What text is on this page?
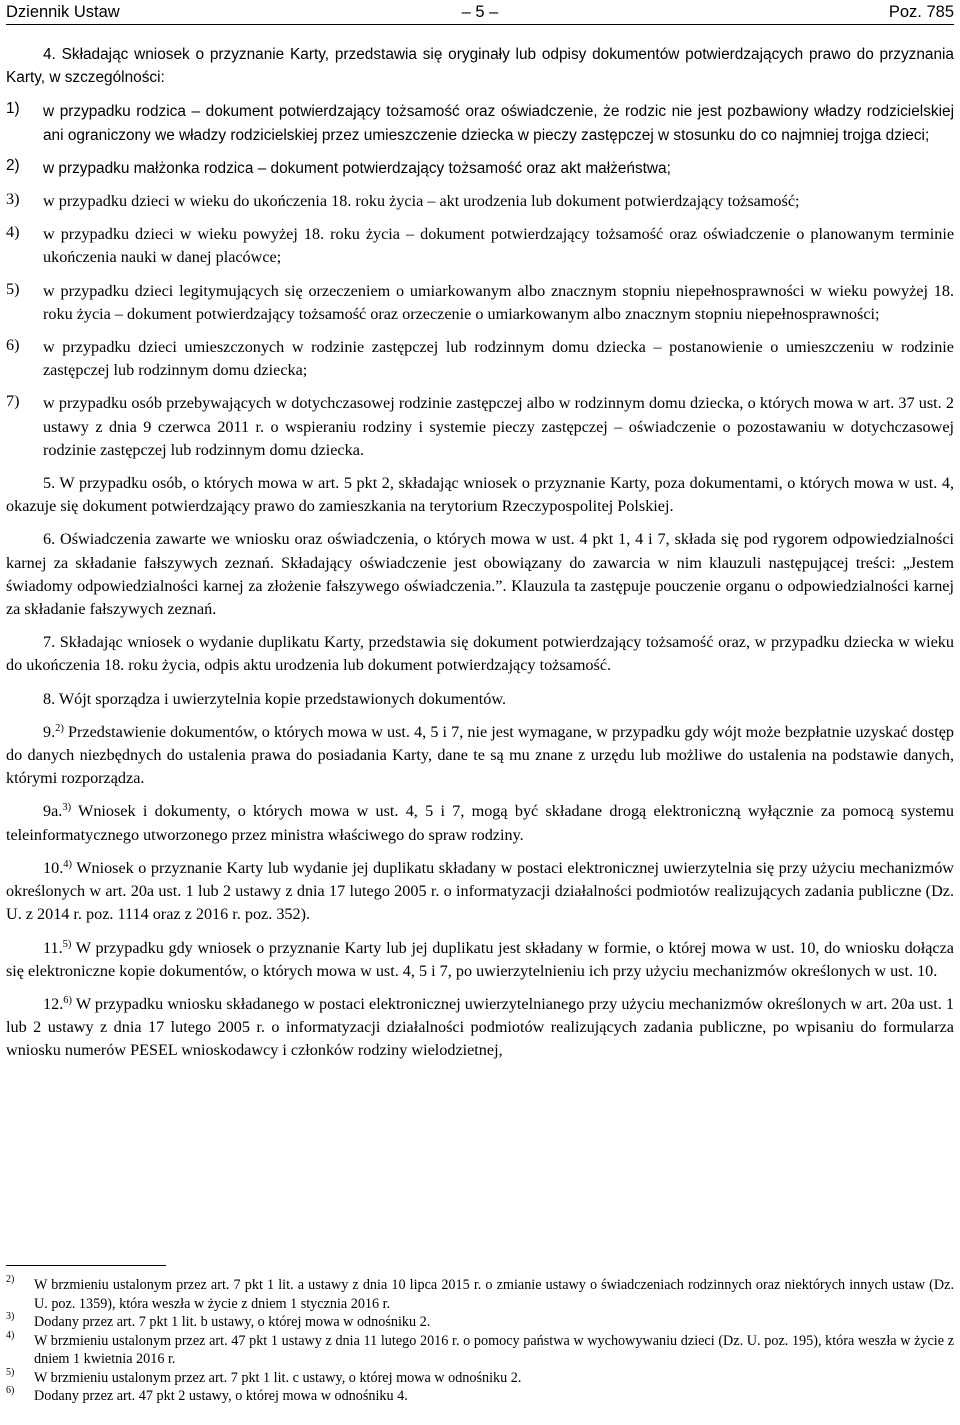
Dziennik Ustaw	– 5 –	Poz. 785

4. Składając wniosek o przyznanie Karty, przedstawia się oryginały lub odpisy dokumentów potwierdzających prawo do przyznania Karty, w szczególności:

1)	w przypadku rodzica – dokument potwierdzający tożsamość oraz oświadczenie, że rodzic nie jest pozbawiony władzy rodzicielskiej ani ograniczony we władzy rodzicielskiej przez umieszczenie dziecka w pieczy zastępczej w stosunku do co najmniej trojga dzieci;

2)	w przypadku małżonka rodzica – dokument potwierdzający tożsamość oraz akt małżeństwa;

3)	w przypadku dzieci w wieku do ukończenia 18. roku życia – akt urodzenia lub dokument potwierdzający tożsamość;

4)	w przypadku dzieci w wieku powyżej 18. roku życia – dokument potwierdzający tożsamość oraz oświadczenie o planowanym terminie ukończenia nauki w danej placówce;

5)	w przypadku dzieci legitymujących się orzeczeniem o umiarkowanym albo znacznym stopniu niepełnosprawności w wieku powyżej 18. roku życia – dokument potwierdzający tożsamość oraz orzeczenie o umiarkowanym albo znacznym stopniu niepełnosprawności;

6)	w przypadku dzieci umieszczonych w rodzinie zastępczej lub rodzinnym domu dziecka – postanowienie o umieszczeniu w rodzinie zastępczej lub rodzinnym domu dziecka;

7)	w przypadku osób przebywających w dotychczasowej rodzinie zastępczej albo w rodzinnym domu dziecka, o których mowa w art. 37 ust. 2 ustawy z dnia 9 czerwca 2011 r. o wspieraniu rodziny i systemie pieczy zastępczej – oświadczenie o pozostawaniu w dotychczasowej rodzinie zastępczej lub rodzinnym domu dziecka.

5. W przypadku osób, o których mowa w art. 5 pkt 2, składając wniosek o przyznanie Karty, poza dokumentami, o których mowa w ust. 4, okazuje się dokument potwierdzający prawo do zamieszkania na terytorium Rzeczypospolitej Polskiej.

6. Oświadczenia zawarte we wniosku oraz oświadczenia, o których mowa w ust. 4 pkt 1, 4 i 7, składa się pod rygorem odpowiedzialności karnej za składanie fałszywych zeznań. Składający oświadczenie jest obowiązany do zawarcia w nim klauzuli następującej treści: „Jestem świadomy odpowiedzialności karnej za złożenie fałszywego oświadczenia.”. Klauzula ta zastępuje pouczenie organu o odpowiedzialności karnej za składanie fałszywych zeznań.

7. Składając wniosek o wydanie duplikatu Karty, przedstawia się dokument potwierdzający tożsamość oraz, w przypadku dziecka w wieku do ukończenia 18. roku życia, odpis aktu urodzenia lub dokument potwierdzający tożsamość.

8. Wójt sporządza i uwierzytelnia kopie przedstawionych dokumentów.

9.$^{2)}$ Przedstawienie dokumentów, o których mowa w ust. 4, 5 i 7, nie jest wymagane, w przypadku gdy wójt może bezpłatnie uzyskać dostęp do danych niezbędnych do ustalenia prawa do posiadania Karty, dane te są mu znane z urzędu lub możliwe do ustalenia na podstawie danych, którymi rozporządza.

9a.$^{3)}$ Wniosek i dokumenty, o których mowa w ust. 4, 5 i 7, mogą być składane drogą elektroniczną wyłącznie za pomocą systemu teleinformatycznego utworzonego przez ministra właściwego do spraw rodziny.

10.$^{4)}$ Wniosek o przyznanie Karty lub wydanie jej duplikatu składany w postaci elektronicznej uwierzytelnia się przy użyciu mechanizmów określonych w art. 20a ust. 1 lub 2 ustawy z dnia 17 lutego 2005 r. o informatyzacji działalności podmiotów realizujących zadania publiczne (Dz. U. z 2014 r. poz. 1114 oraz z 2016 r. poz. 352).

11.$^{5)}$ W przypadku gdy wniosek o przyznanie Karty lub jej duplikatu jest składany w formie, o której mowa w ust. 10, do wniosku dołącza się elektroniczne kopie dokumentów, o których mowa w ust. 4, 5 i 7, po uwierzytelnieniu ich przy użyciu mechanizmów określonych w ust. 10.

12.$^{6)}$ W przypadku wniosku składanego w postaci elektronicznej uwierzytelnianego przy użyciu mechanizmów określonych w art. 20a ust. 1 lub 2 ustawy z dnia 17 lutego 2005 r. o informatyzacji działalności podmiotów realizujących zadania publiczne, po wpisaniu do formularza wniosku numerów PESEL wnioskodawcy i członków rodziny wielodzietnej,

2)	W brzmieniu ustalonym przez art. 7 pkt 1 lit. a ustawy z dnia 10 lipca 2015 r. o zmianie ustawy o świadczeniach rodzinnych oraz niektórych innych ustaw (Dz. U. poz. 1359), która weszła w życie z dniem 1 stycznia 2016 r.
3)	Dodany przez art. 7 pkt 1 lit. b ustawy, o której mowa w odnośniku 2.
4)	W brzmieniu ustalonym przez art. 47 pkt 1 ustawy z dnia 11 lutego 2016 r. o pomocy państwa w wychowywaniu dzieci (Dz. U. poz. 195), która weszła w życie z dniem 1 kwietnia 2016 r.
5)	W brzmieniu ustalonym przez art. 7 pkt 1 lit. c ustawy, o której mowa w odnośniku 2.
6)	Dodany przez art. 47 pkt 2 ustawy, o której mowa w odnośniku 4.
